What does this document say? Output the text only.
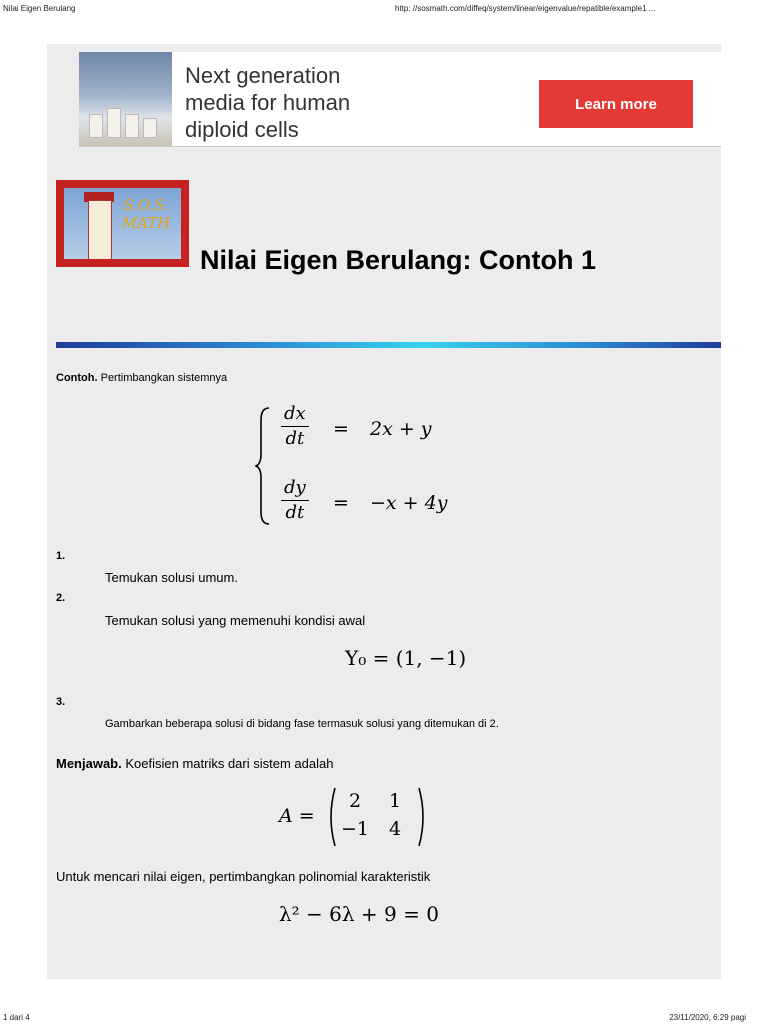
Nilai Eigen Berulang	http: //sosmath.com/diffeq/system/linear/eigenvalue/repatible/example1 ...
Next generation
media for human
diploid cells
Learn more
S.O.S. MATH
Nilai Eigen Berulang: Contoh 1
Contoh. Pertimbangkan sistemnya
$\frac{dx}{dt} = 2x + y$
$\frac{dy}{dt} = -x + 4y$
1.
Temukan solusi umum.
2.
Temukan solusi yang memenuhi kondisi awal
Y₀ = (1, −1)
3.
Gambarkan beberapa solusi di bidang fase termasuk solusi yang ditemukan di 2.
Menjawab. Koefisien matriks dari sistem adalah
A =
2	1
−1	4
Untuk mencari nilai eigen, pertimbangkan polinomial karakteristik
λ² − 6λ + 9 = 0
1 dari 4	23/11/2020, 6:29 pagi
